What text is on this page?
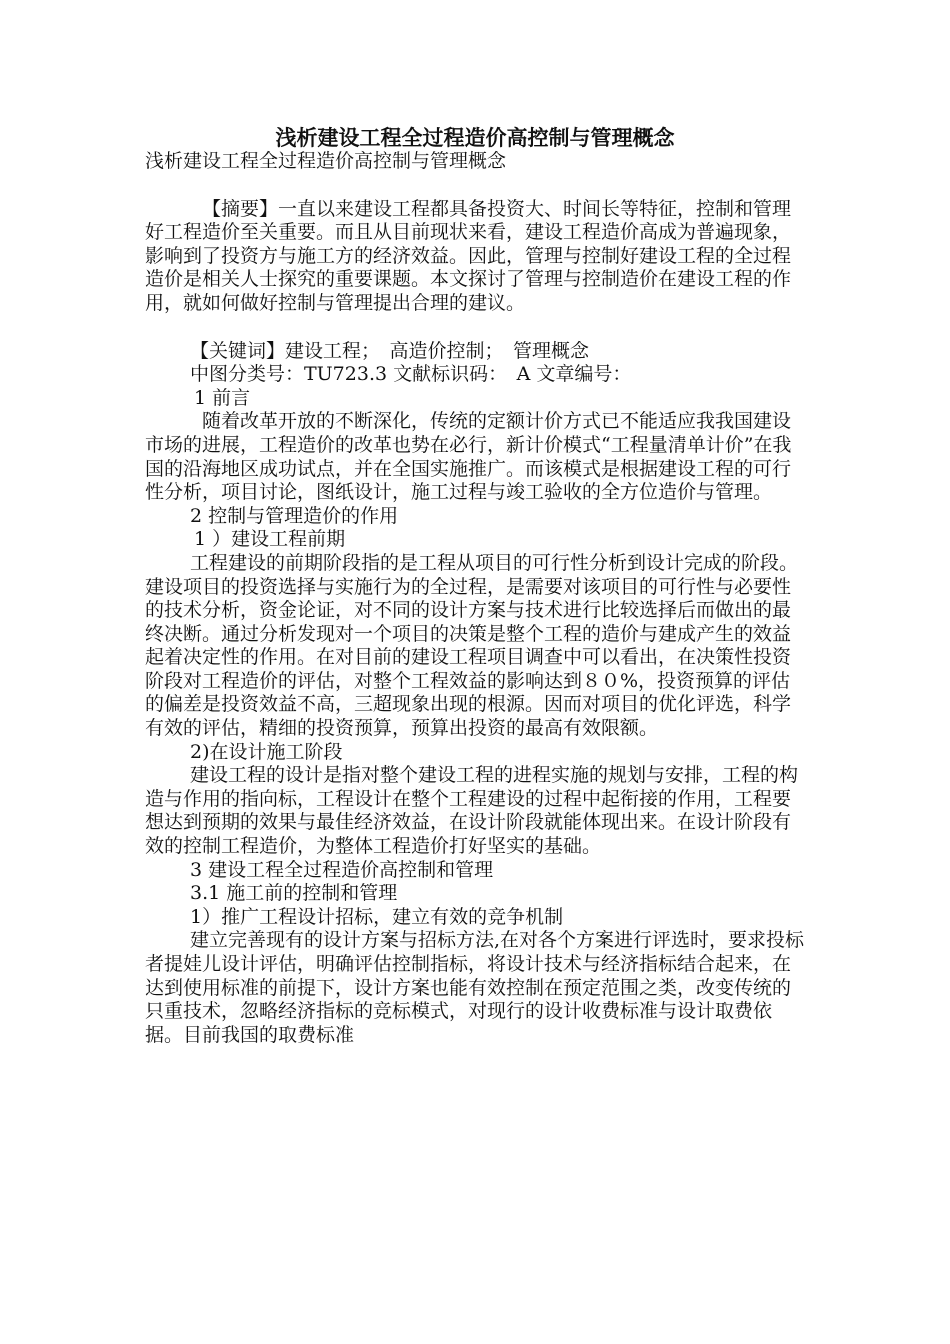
浅析建设工程全过程造价高控制与管理概念

浅析建设工程全过程造价高控制与管理概念

【摘要】一直以来建设工程都具备投资大、时间长等特征，控制和管理好工程造价至关重要。而且从目前现状来看，建设工程造价高成为普遍现象，影响到了投资方与施工方的经济效益。因此，管理与控制好建设工程的全过程造价是相关人士探究的重要课题。本文探讨了管理与控制造价在建设工程的作用，就如何做好控制与管理提出合理的建议。

【关键词】建设工程；　高造价控制；　管理概念

中图分类号：TU723.3 文献标识码：　A 文章编号：

1 前言

随着改革开放的不断深化，传统的定额计价方式已不能适应我我国建设市场的进展，工程造价的改革也势在必行，新计价模式“工程量清单计价”在我国的沿海地区成功试点，并在全国实施推广。而该模式是根据建设工程的可行性分析，项目讨论，图纸设计，施工过程与竣工验收的全方位造价与管理。

2 控制与管理造价的作用

1 ）建设工程前期

工程建设的前期阶段指的是工程从项目的可行性分析到设计完成的阶段。建设项目的投资选择与实施行为的全过程，是需要对该项目的可行性与必要性的技术分析，资金论证，对不同的设计方案与技术进行比较选择后而做出的最终决断。通过分析发现对一个项目的决策是整个工程的造价与建成产生的效益起着决定性的作用。在对目前的建设工程项目调查中可以看出，在决策性投资阶段对工程造价的评估，对整个工程效益的影响达到８０%，投资预算的评估的偏差是投资效益不高，三超现象出现的根源。因而对项目的优化评选，科学有效的评估，精细的投资预算，预算出投资的最高有效限额。

2)在设计施工阶段

建设工程的设计是指对整个建设工程的进程实施的规划与安排，工程的构造与作用的指向标，工程设计在整个工程建设的过程中起衔接的作用，工程要想达到预期的效果与最佳经济效益，在设计阶段就能体现出来。在设计阶段有效的控制工程造价，为整体工程造价打好坚实的基础。

3 建设工程全过程造价高控制和管理

3.1 施工前的控制和管理

1）推广工程设计招标，建立有效的竞争机制

建立完善现有的设计方案与招标方法,在对各个方案进行评选时，要求投标者提娃儿设计评估，明确评估控制指标，将设计技术与经济指标结合起来，在达到使用标准的前提下，设计方案也能有效控制在预定范围之类，改变传统的只重技术，忽略经济指标的竞标模式，对现行的设计收费标准与设计取费依据。目前我国的取费标准
